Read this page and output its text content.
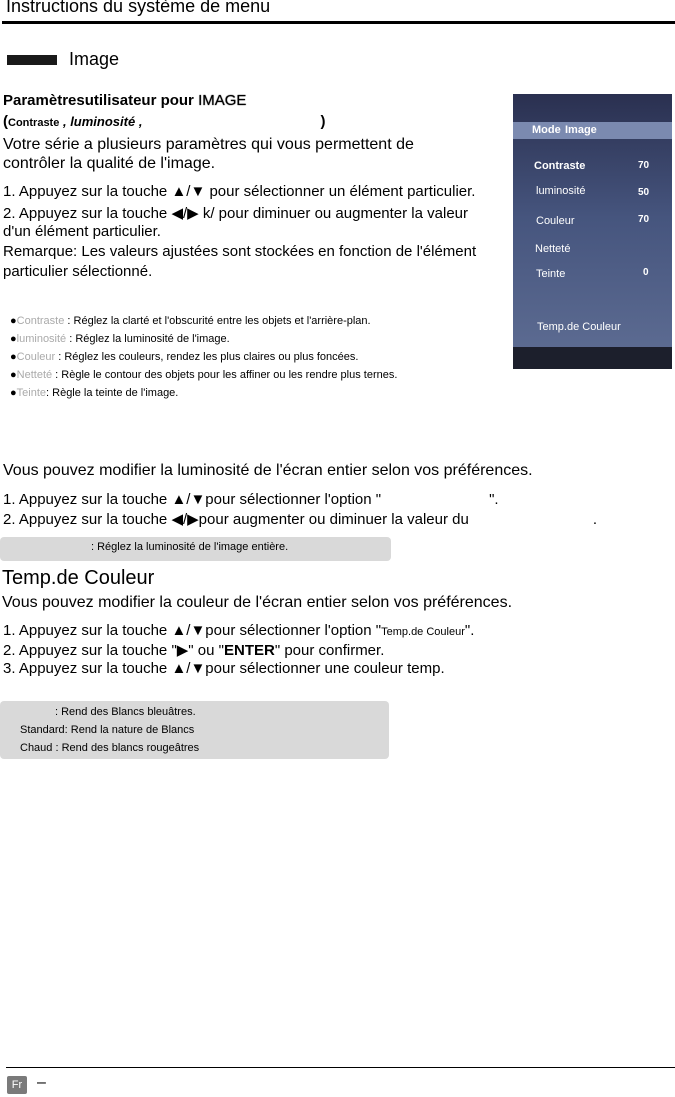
Instructions du système de menu
Image
Paramètresutilisateur pour IMAGE
(Contraste , luminosité ,	)
Votre série a plusieurs paramètres qui vous permettent de
contrôler la qualité de l'image.
1. Appuyez sur la touche ▲/▼ pour sélectionner un élément particulier.
2. Appuyez sur la touche ◀/▶ k/ pour diminuer ou augmenter la valeur
d'un élément particulier.
Remarque: Les valeurs ajustées sont stockées en fonction de l'élément
particulier sélectionné.
Mode Image
Contraste	70
luminosité	50
Couleur	70
Netteté
Teinte	0
Temp.de Couleur
●Contraste : Réglez la clarté et l'obscurité entre les objets et l'arrière-plan.
●luminosité : Réglez la luminosité de l'image.
●Couleur : Réglez les couleurs, rendez les plus claires ou plus foncées.
●Netteté : Règle le contour des objets pour les affiner ou les rendre plus ternes.
●Teinte: Règle la teinte de l'image.
Vous pouvez modifier la luminosité de l'écran entier selon vos préférences.
1. Appuyez sur la touche ▲/▼pour sélectionner l'option "	".
2. Appuyez sur la touche ◀/▶pour augmenter ou diminuer la valeur du	.
: Réglez la luminosité de l'image entière.
Temp.de Couleur
Vous pouvez modifier la couleur de l'écran entier selon vos préférences.
1. Appuyez sur la touche ▲/▼pour sélectionner l'option "Temp.de Couleur".
2. Appuyez sur la touche "▶" ou "ENTER" pour confirmer.
3. Appuyez sur la touche ▲/▼pour sélectionner une couleur temp.
: Rend des Blancs bleuâtres.
Standard: Rend la nature de Blancs
Chaud : Rend des blancs rougeâtres
Fr –
